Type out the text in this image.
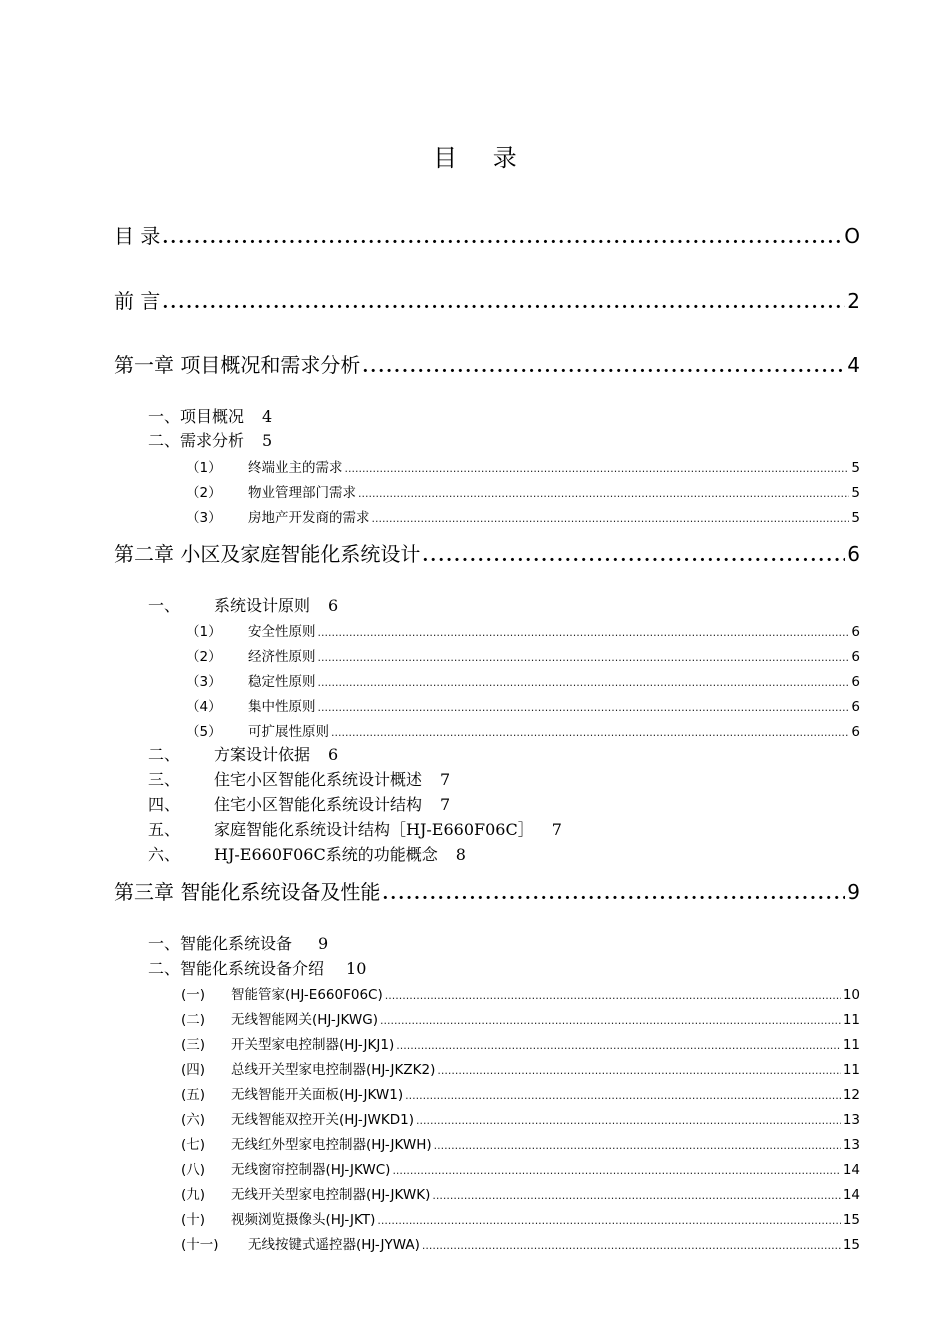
目 录
目 录 .....	O
前 言 .....	2
第一章 项目概况和需求分析 .....	4
一、项目概况 4
二、需求分析 5
（1） 终端业主的需求 .....	5
（2） 物业管理部门需求 .....	5
（3） 房地产开发商的需求 .....	5
第二章 小区及家庭智能化系统设计 .....	6
一、	系统设计原则 6
（1） 安全性原则 .....	6
（2） 经济性原则 .....	6
（3） 稳定性原则 .....	6
（4） 集中性原则 .....	6
（5） 可扩展性原则 .....	6
二、	方案设计依据 6
三、	住宅小区智能化系统设计概述 7
四、	住宅小区智能化系统设计结构 7
五、	家庭智能化系统设计结构［HJ-E660F06C］ 7
六、	HJ-E660F06C系统的功能概念 8
第三章 智能化系统设备及性能 .....	9
一、智能化系统设备 9
二、智能化系统设备介绍 10
(一) 智能管家(HJ-E660F06C) .....	10
(二) 无线智能网关(HJ-JKWG) .....	11
(三) 开关型家电控制器(HJ-JKJ1) .....	11
(四) 总线开关型家电控制器(HJ-JKZK2) .....	11
(五) 无线智能开关面板(HJ-JKW1) .....	12
(六) 无线智能双控开关(HJ-JWKD1) .....	13
(七) 无线红外型家电控制器(HJ-JKWH) .....	13
(八) 无线窗帘控制器(HJ-JKWC) .....	14
(九) 无线开关型家电控制器(HJ-JKWK) .....	14
(十) 视频浏览摄像头(HJ-JKT) .....	15
(十一) 无线按键式遥控器(HJ-JYWA) .....	15
